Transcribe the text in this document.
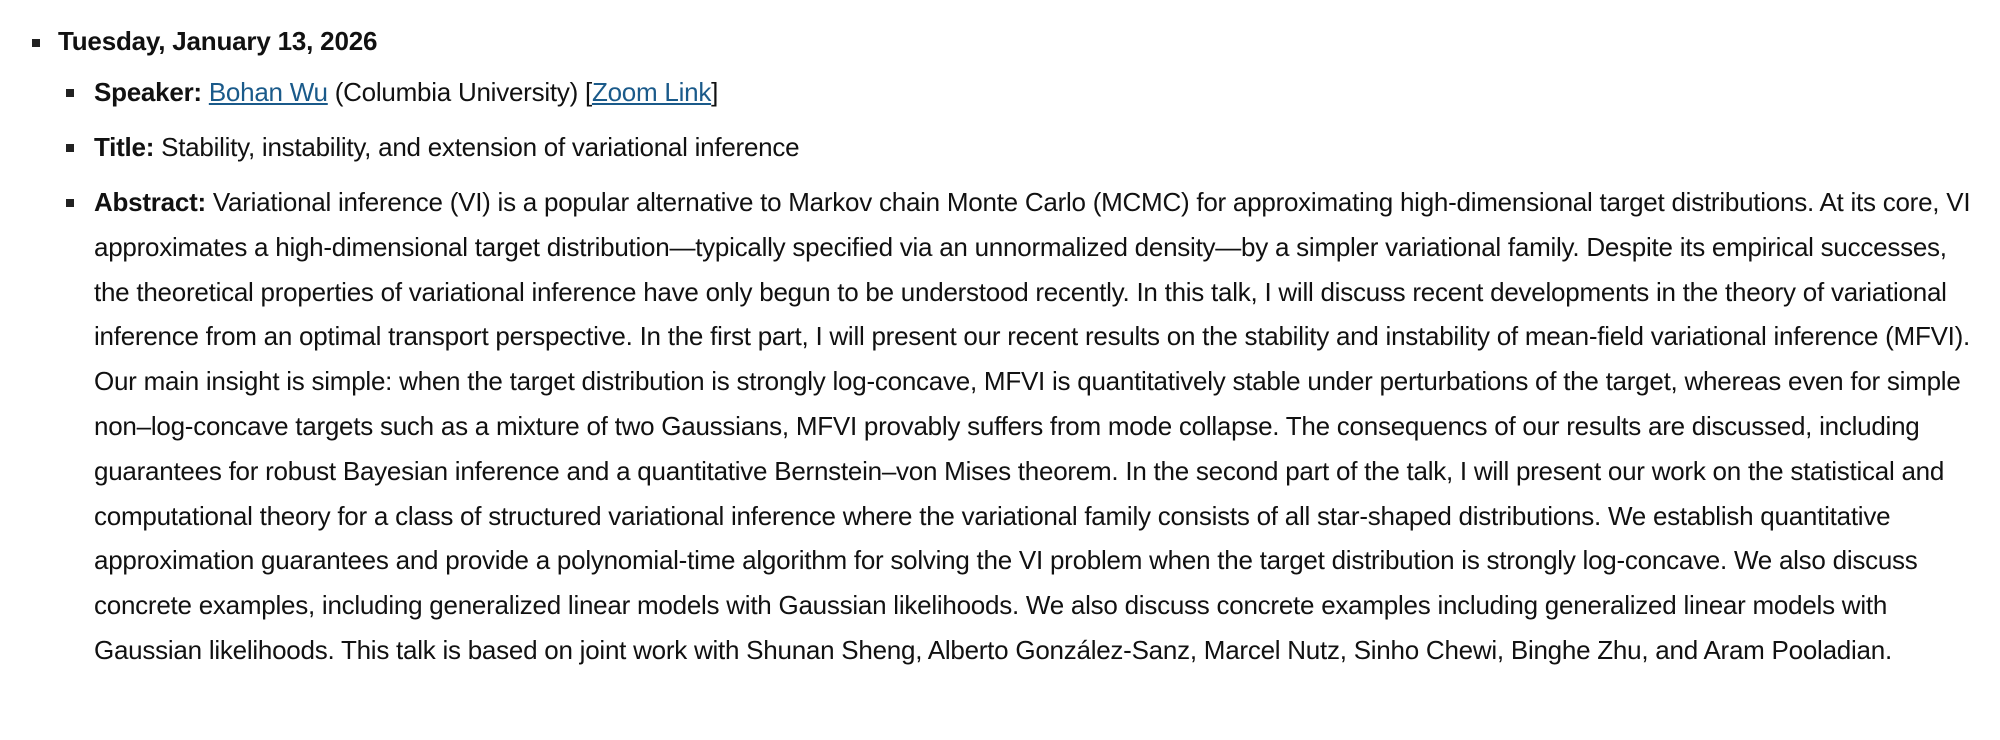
Tuesday, January 13, 2026
Speaker: Bohan Wu (Columbia University) [Zoom Link]
Title: Stability, instability, and extension of variational inference
Abstract: Variational inference (VI) is a popular alternative to Markov chain Monte Carlo (MCMC) for approximating high-dimensional target distributions. At its core, VI approximates a high-dimensional target distribution—typically specified via an unnormalized density—by a simpler variational family. Despite its empirical successes, the theoretical properties of variational inference have only begun to be understood recently. In this talk, I will discuss recent developments in the theory of variational inference from an optimal transport perspective. In the first part, I will present our recent results on the stability and instability of mean-field variational inference (MFVI). Our main insight is simple: when the target distribution is strongly log-concave, MFVI is quantitatively stable under perturbations of the target, whereas even for simple non–log-concave targets such as a mixture of two Gaussians, MFVI provably suffers from mode collapse. The consequencs of our results are discussed, including guarantees for robust Bayesian inference and a quantitative Bernstein–von Mises theorem. In the second part of the talk, I will present our work on the statistical and computational theory for a class of structured variational inference where the variational family consists of all star-shaped distributions. We establish quantitative approximation guarantees and provide a polynomial-time algorithm for solving the VI problem when the target distribution is strongly log-concave. We also discuss concrete examples, including generalized linear models with Gaussian likelihoods. We also discuss concrete examples including generalized linear models with Gaussian likelihoods. This talk is based on joint work with Shunan Sheng, Alberto González-Sanz, Marcel Nutz, Sinho Chewi, Binghe Zhu, and Aram Pooladian.
